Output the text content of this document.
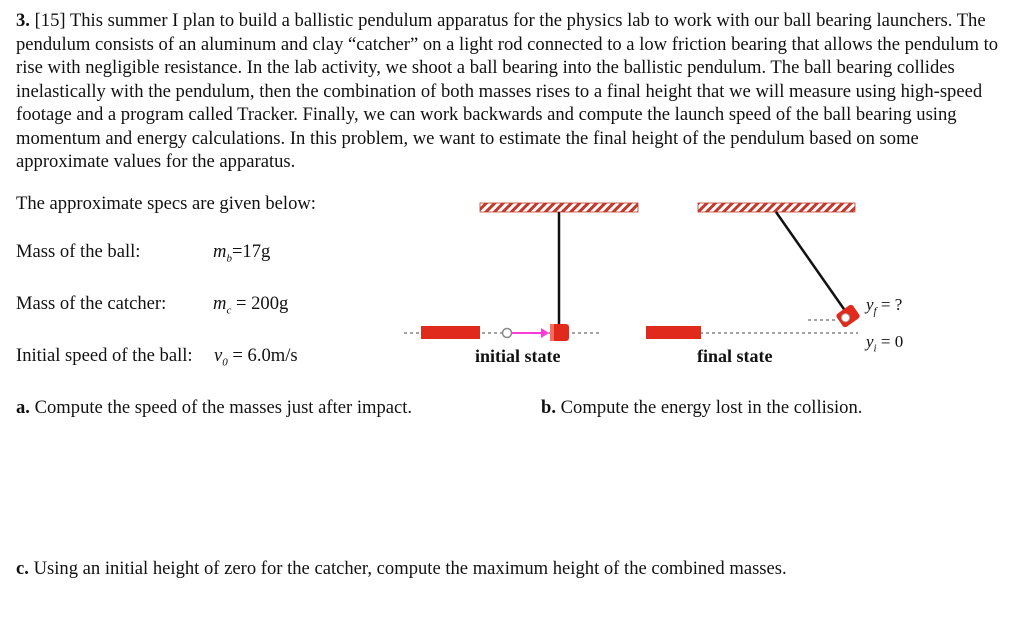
3. [15] This summer I plan to build a ballistic pendulum apparatus for the physics lab to work with our ball bearing launchers. The pendulum consists of an aluminum and clay “catcher” on a light rod connected to a low friction bearing that allows the pendulum to rise with negligible resistance. In the lab activity, we shoot a ball bearing into the ballistic pendulum. The ball bearing collides inelastically with the pendulum, then the combination of both masses rises to a final height that we will measure using high-speed footage and a program called Tracker. Finally, we can work backwards and compute the launch speed of the ball bearing using momentum and energy calculations. In this problem, we want to estimate the final height of the pendulum based on some approximate values for the apparatus.
The approximate specs are given below:
Mass of the ball:	$m_b=17g$
Mass of the catcher:	$m_c = 200g$
Initial speed of the ball: $v_0 = 6.0m/s$	initial state	final state
$y_f$ = ?
$y_i = 0$
a. Compute the speed of the masses just after impact.	b. Compute the energy lost in the collision.
c. Using an initial height of zero for the catcher, compute the maximum height of the combined masses.
